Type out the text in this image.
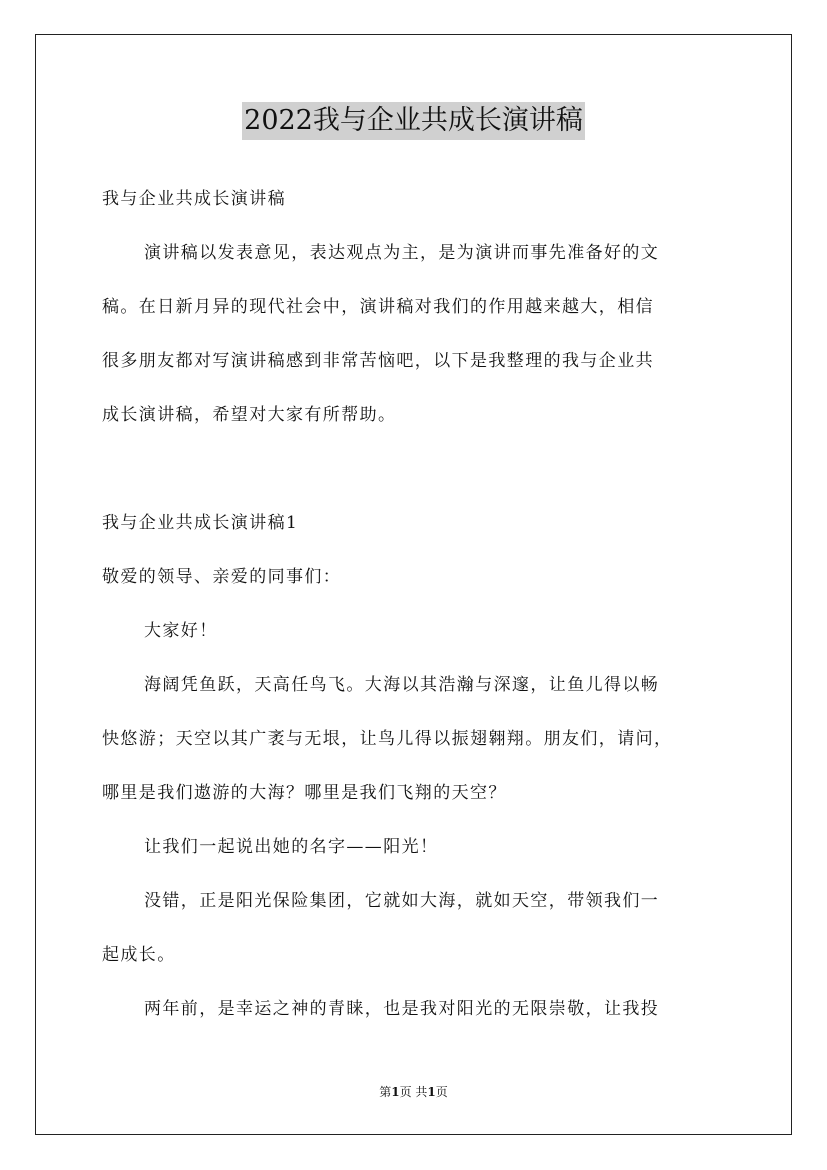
2022我与企业共成长演讲稿
我与企业共成长演讲稿
演讲稿以发表意见，表达观点为主，是为演讲而事先准备好的文
稿。在日新月异的现代社会中，演讲稿对我们的作用越来越大，相信
很多朋友都对写演讲稿感到非常苦恼吧，以下是我整理的我与企业共
成长演讲稿，希望对大家有所帮助。
我与企业共成长演讲稿1
敬爱的领导、亲爱的同事们：
大家好！
海阔凭鱼跃，天高任鸟飞。大海以其浩瀚与深邃，让鱼儿得以畅
快悠游；天空以其广袤与无垠，让鸟儿得以振翅翱翔。朋友们，请问，
哪里是我们遨游的大海？哪里是我们飞翔的天空？
让我们一起说出她的名字——阳光！
没错，正是阳光保险集团，它就如大海，就如天空，带领我们一
起成长。
两年前，是幸运之神的青睐，也是我对阳光的无限崇敬，让我投
第1页 共1页
